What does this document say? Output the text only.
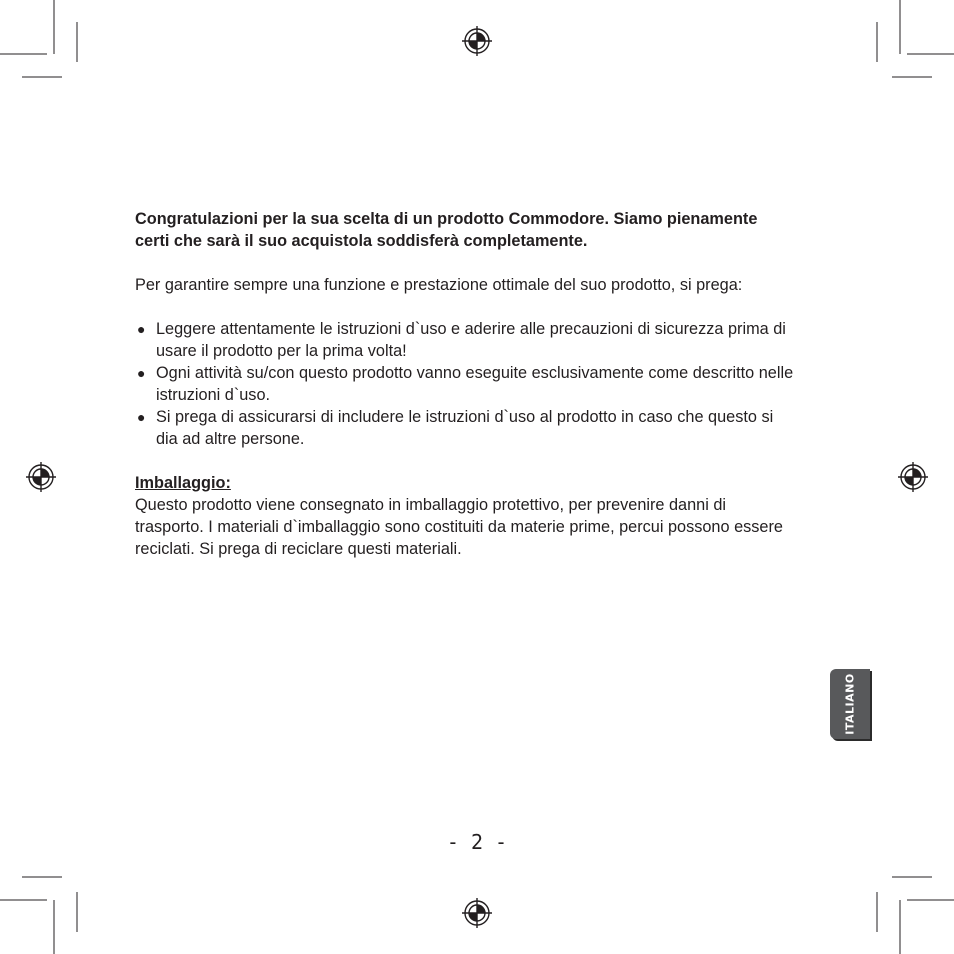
Congratulazioni per la sua scelta di un prodotto Commodore. Siamo pienamente certi che sarà il suo acquistola soddisferà completamente.

Per garantire sempre una funzione e prestazione ottimale del suo prodotto, si prega:

● Leggere attentamente le istruzioni d`uso e aderire alle precauzioni di sicurezza prima di usare il prodotto per la prima volta!
● Ogni attività su/con questo prodotto vanno eseguite esclusivamente come descritto nelle istruzioni d`uso.
● Si prega di assicurarsi di includere le istruzioni d`uso al prodotto in caso che questo si dia ad altre persone.

Imballaggio:

Questo prodotto viene consegnato in imballaggio protettivo, per prevenire danni di trasporto. I materiali d`imballaggio sono costituiti da materie prime, percui possono essere reciclati. Si prega di reciclare questi materiali.

ITALIANO
- 2 -
